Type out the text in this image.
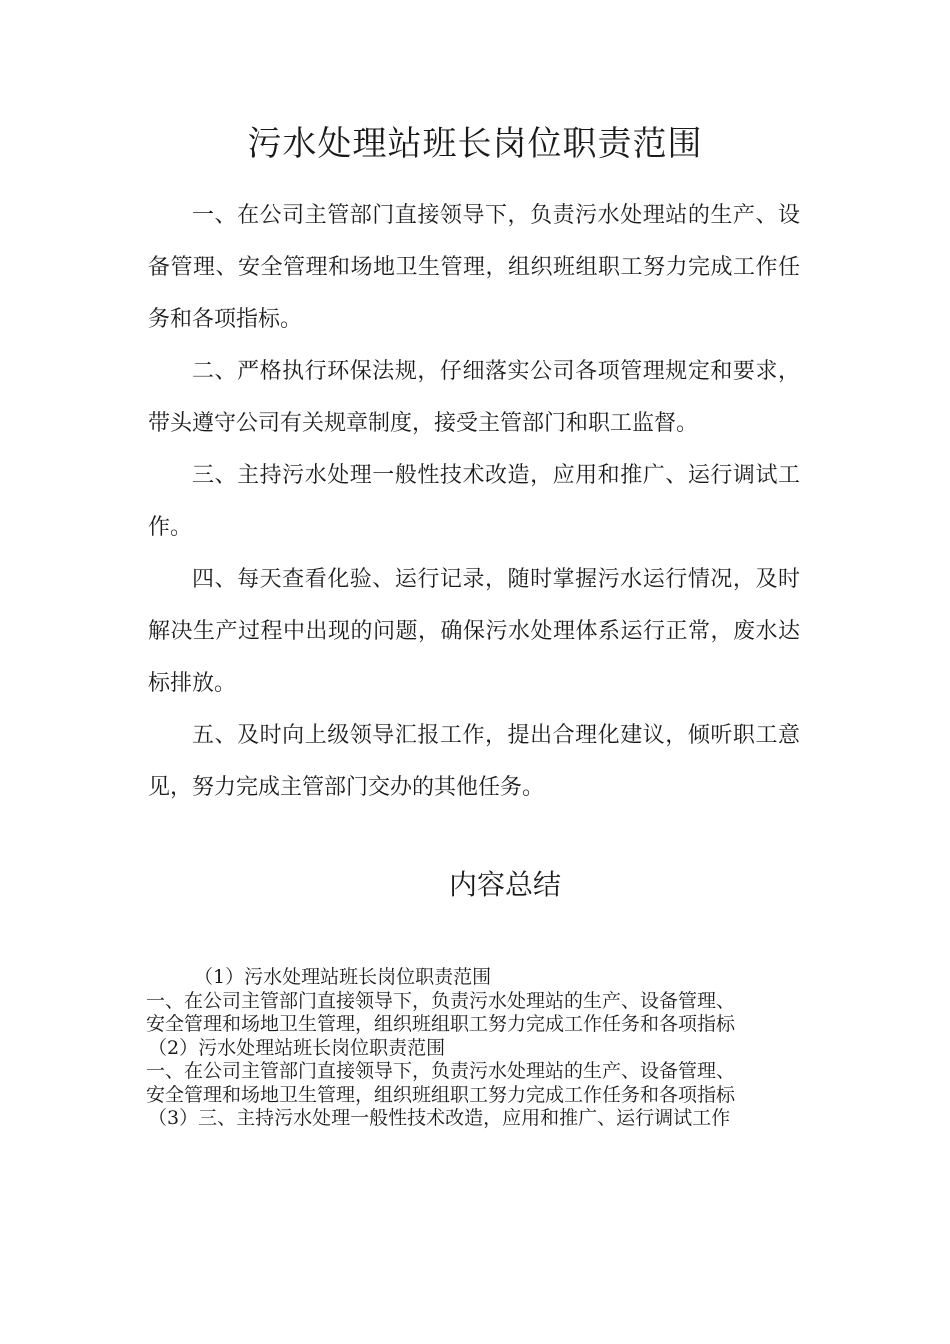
污水处理站班长岗位职责范围

一、在公司主管部门直接领导下，负责污水处理站的生产、设备管理、安全管理和场地卫生管理，组织班组职工努力完成工作任务和各项指标。

二、严格执行环保法规，仔细落实公司各项管理规定和要求，带头遵守公司有关规章制度，接受主管部门和职工监督。

三、主持污水处理一般性技术改造，应用和推广、运行调试工作。

四、每天查看化验、运行记录，随时掌握污水运行情况，及时解决生产过程中出现的问题，确保污水处理体系运行正常，废水达标排放。

五、及时向上级领导汇报工作，提出合理化建议，倾听职工意见，努力完成主管部门交办的其他任务。

内容总结
（1）污水处理站班长岗位职责范围
一、在公司主管部门直接领导下，负责污水处理站的生产、设备管理、
安全管理和场地卫生管理，组织班组职工努力完成工作任务和各项指标
（2）污水处理站班长岗位职责范围
一、在公司主管部门直接领导下，负责污水处理站的生产、设备管理、
安全管理和场地卫生管理，组织班组职工努力完成工作任务和各项指标
（3）三、主持污水处理一般性技术改造，应用和推广、运行调试工作
